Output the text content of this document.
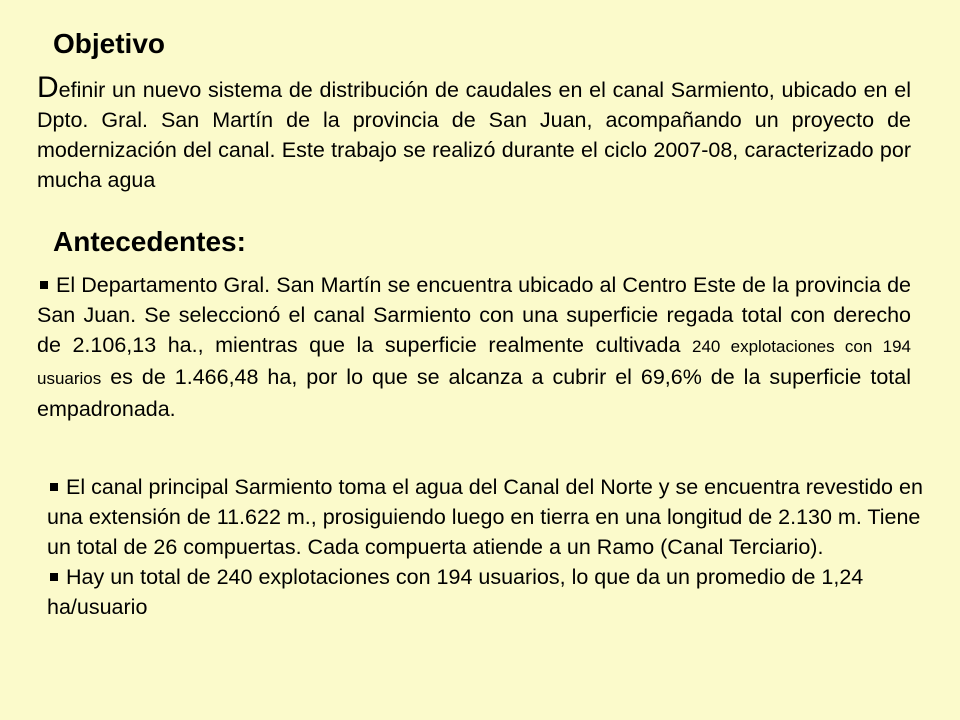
Objetivo

Definir un nuevo sistema de distribución de caudales en el canal Sarmiento, ubicado en el Dpto. Gral. San Martín de la provincia de San Juan, acompañando un proyecto de modernización del canal. Este trabajo se realizó durante el ciclo 2007-08, caracterizado por mucha agua

Antecedentes:

El Departamento Gral. San Martín se encuentra ubicado al Centro Este de la provincia de San Juan. Se seleccionó el canal Sarmiento con una superficie regada total con derecho de 2.106,13 ha., mientras que la superficie realmente cultivada 240 explotaciones con 194 usuarios es de 1.466,48 ha, por lo que se alcanza a cubrir el 69,6% de la superficie total empadronada.

El canal principal Sarmiento toma el agua del Canal del Norte y se encuentra revestido en una extensión de 11.622 m., prosiguiendo luego en tierra en una longitud de 2.130 m. Tiene un total de 26 compuertas. Cada compuerta atiende a un Ramo (Canal Terciario).
Hay un total de 240 explotaciones con 194 usuarios, lo que da un promedio de 1,24 ha/usuario
